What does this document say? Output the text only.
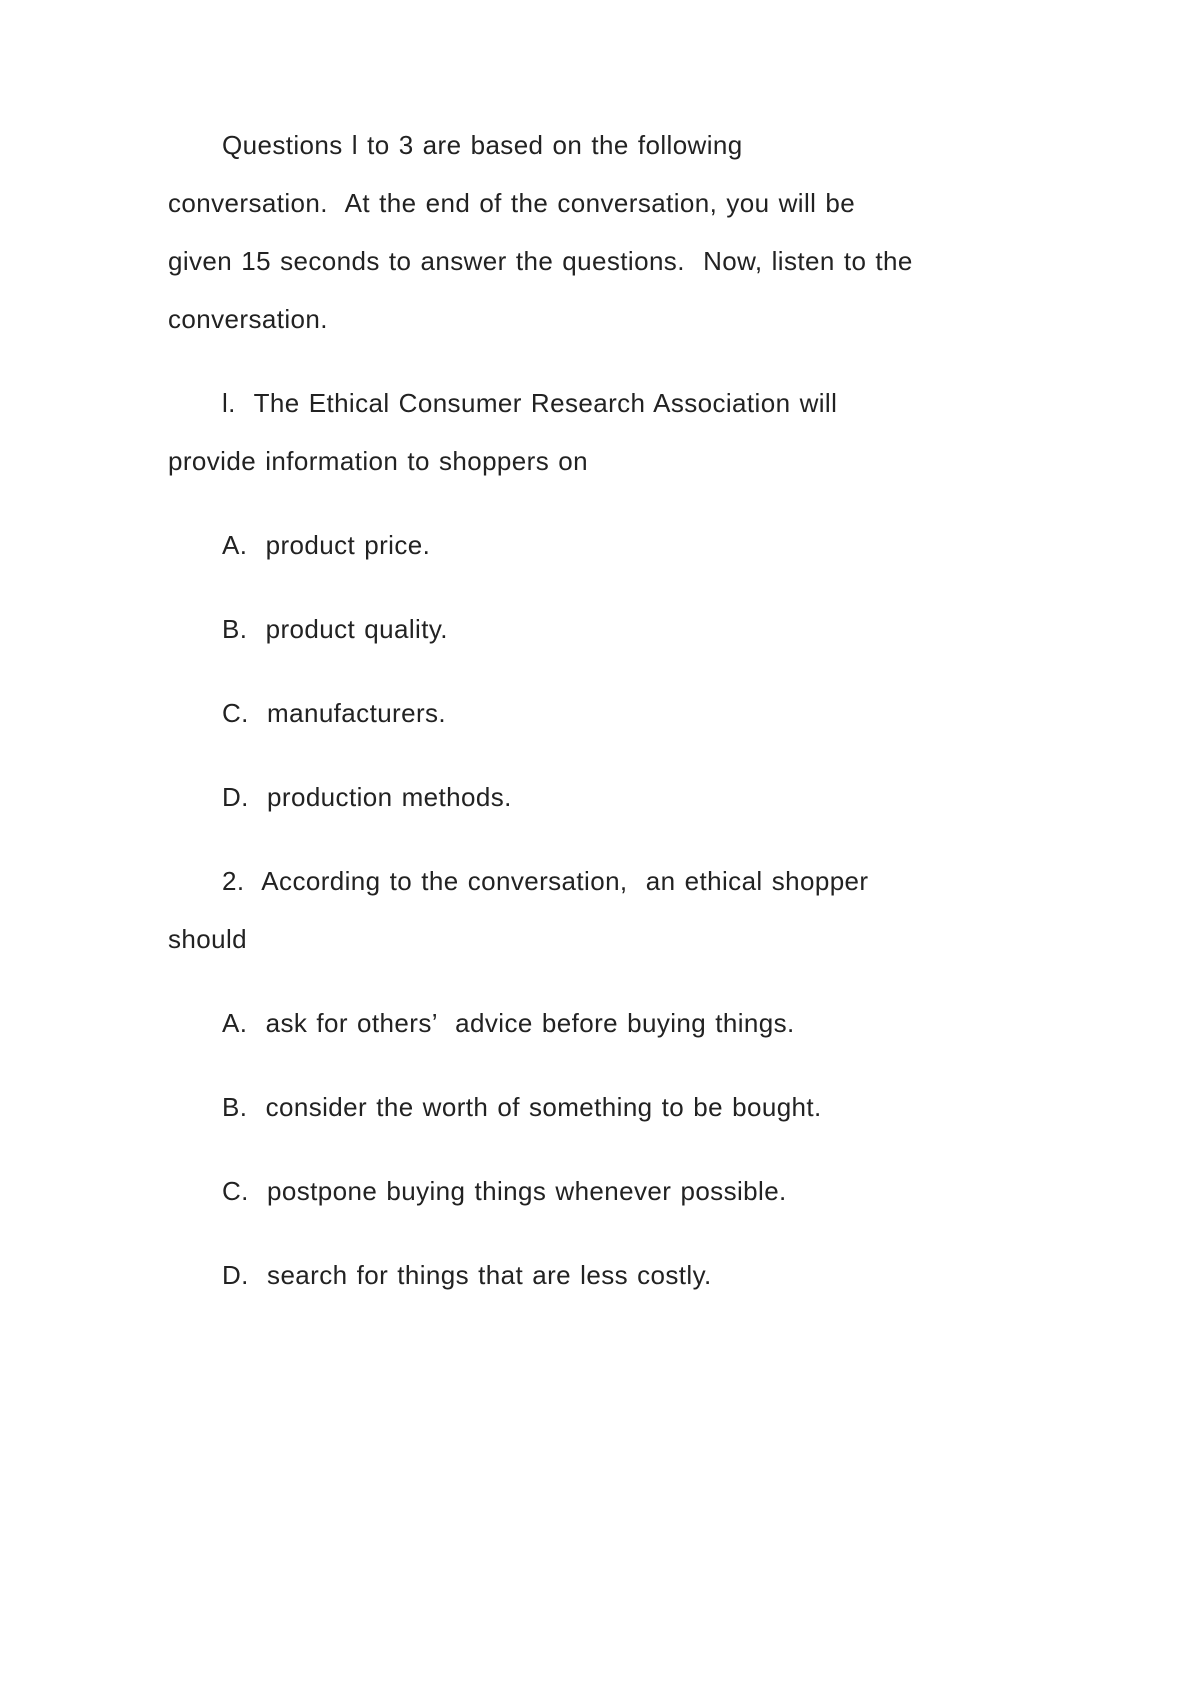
Questions l to 3 are based on the following
conversation.  At the end of the conversation, you will be
given 15 seconds to answer the questions.  Now, listen to the
conversation.
l.  The Ethical Consumer Research Association will
provide information to shoppers on
A.  product price.
B.  product quality.
C.  manufacturers.
D.  production methods.
2.  According to the conversation,  an ethical shopper
should
A.  ask for others’  advice before buying things.
B.  consider the worth of something to be bought.
C.  postpone buying things whenever possible.
D.  search for things that are less costly.
